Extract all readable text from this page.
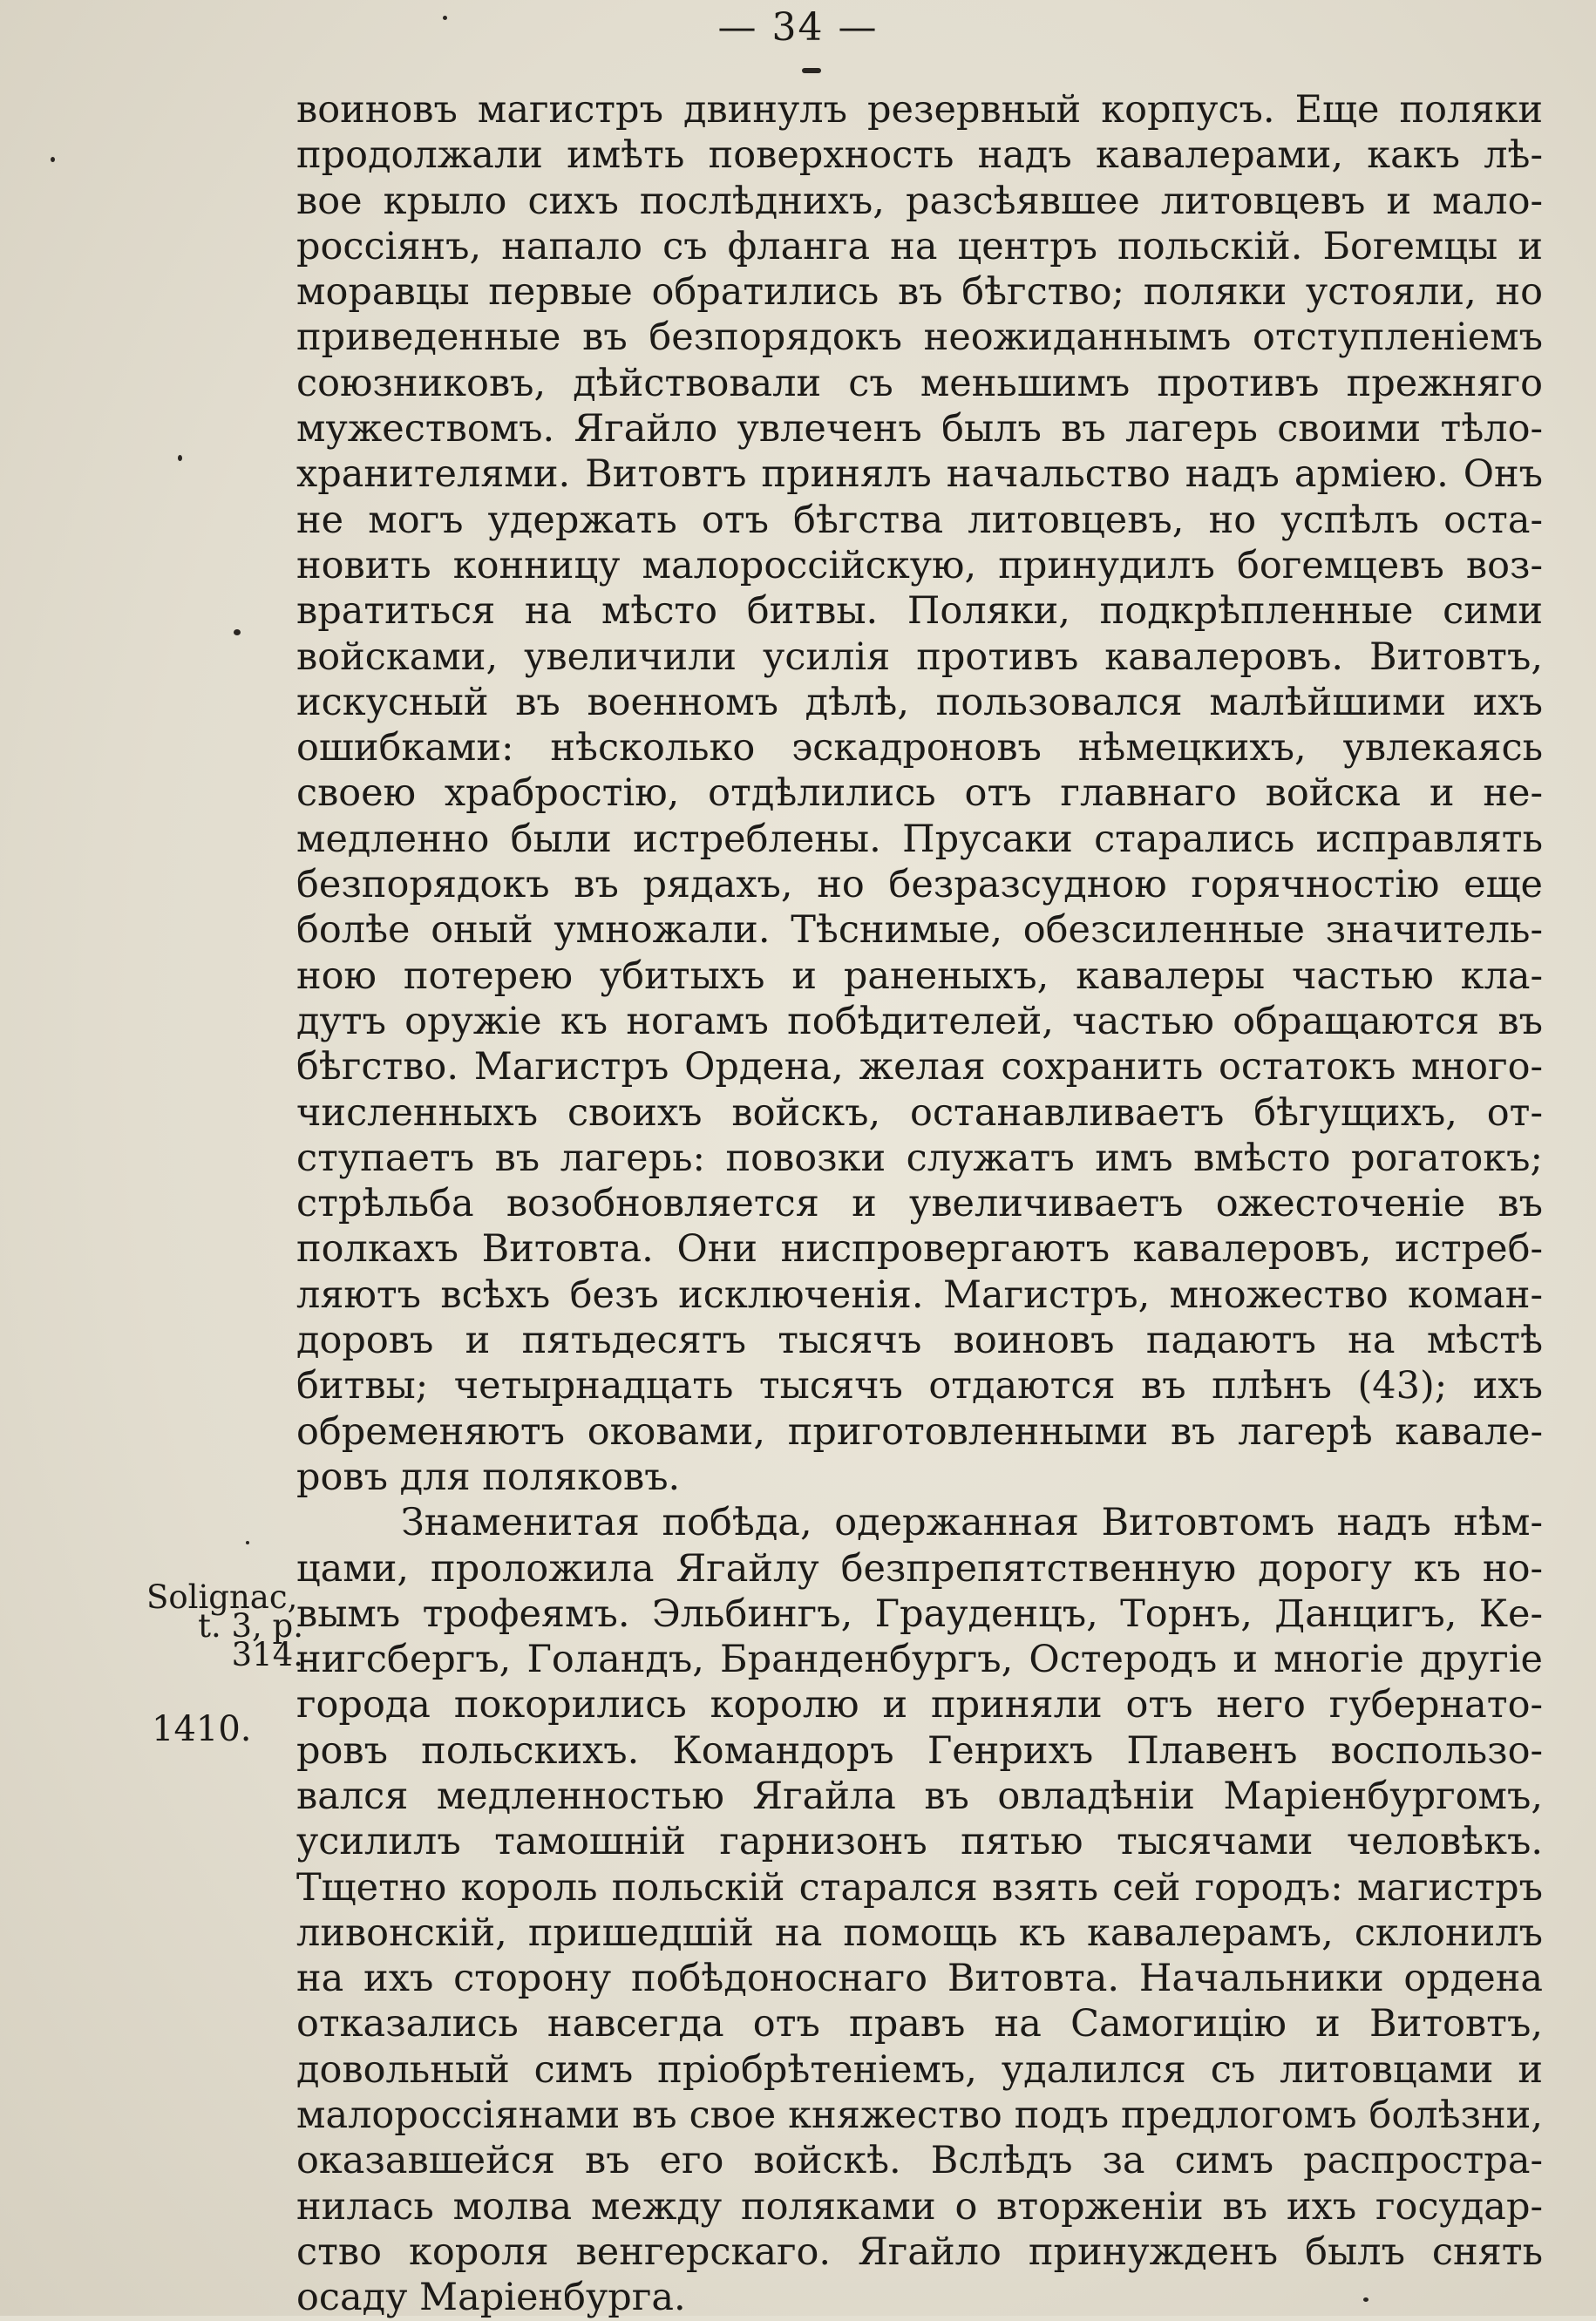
— 34 —
воиновъ магистръ двинулъ резервный корпусъ. Еще поляки
продолжали имѣть поверхность надъ кавалерами, какъ лѣ-
вое крыло сихъ послѣднихъ, разсѣявшее литовцевъ и мало-
россіянъ, напало съ фланга на центръ польскій. Богемцы и
моравцы первые обратились въ бѣгство; поляки устояли, но
приведенные въ безпорядокъ неожиданнымъ отступленіемъ
союзниковъ, дѣйствовали съ меньшимъ противъ прежняго
мужествомъ. Ягайло увлеченъ былъ въ лагерь своими тѣло-
хранителями. Витовтъ принялъ начальство надъ арміею. Онъ
не могъ удержать отъ бѣгства литовцевъ, но успѣлъ оста-
новить конницу малороссійскую, принудилъ богемцевъ воз-
вратиться на мѣсто битвы. Поляки, подкрѣпленные сими
войсками, увеличили усилія противъ кавалеровъ. Витовтъ,
искусный въ военномъ дѣлѣ, пользовался малѣйшими ихъ
ошибками: нѣсколько эскадроновъ нѣмецкихъ, увлекаясь
своею храбростію, отдѣлились отъ главнаго войска и не-
медленно были истреблены. Прусаки старались исправлять
безпорядокъ въ рядахъ, но безразсудною горячностію еще
болѣе оный умножали. Тѣснимые, обезсиленные значитель-
ною потерею убитыхъ и раненыхъ, кавалеры частью кла-
дутъ оружіе къ ногамъ побѣдителей, частью обращаются въ
бѣгство. Магистръ Ордена, желая сохранить остатокъ много-
численныхъ своихъ войскъ, останавливаетъ бѣгущихъ, от-
ступаетъ въ лагерь: повозки служатъ имъ вмѣсто рогатокъ;
стрѣльба возобновляется и увеличиваетъ ожесточеніе въ
полкахъ Витовта. Они ниспровергаютъ кавалеровъ, истреб-
ляютъ всѣхъ безъ исключенія. Магистръ, множество коман-
доровъ и пятьдесятъ тысячъ воиновъ падаютъ на мѣстѣ
битвы; четырнадцать тысячъ отдаются въ плѣнъ (43); ихъ
обременяютъ оковами, приготовленными въ лагерѣ кавале-
ровъ для поляковъ.
Знаменитая побѣда, одержанная Витовтомъ надъ нѣм-
цами, проложила Ягайлу безпрепятственную дорогу къ но-
вымъ трофеямъ. Эльбингъ, Грауденцъ, Торнъ, Данцигъ, Ке-
нигсбергъ, Голандъ, Бранденбургъ, Остеродъ и многіе другіе
города покорились королю и приняли отъ него губернато-
ровъ польскихъ. Командоръ Генрихъ Плавенъ воспользо-
вался медленностью Ягайла въ овладѣніи Маріенбургомъ,
усилилъ тамошній гарнизонъ пятью тысячами человѣкъ.
Тщетно король польскій старался взять сей городъ: магистръ
ливонскій, пришедшій на помощь къ кавалерамъ, склонилъ
на ихъ сторону побѣдоноснаго Витовта. Начальники ордена
отказались навсегда отъ правъ на Самогицію и Витовтъ,
довольный симъ пріобрѣтеніемъ, удалился съ литовцами и
малороссіянами въ свое княжество подъ предлогомъ болѣзни,
оказавшейся въ его войскѣ. Вслѣдъ за симъ распростра-
нилась молва между поляками о вторженіи въ ихъ государ-
ство короля венгерскаго. Ягайло принужденъ былъ снять
осаду Маріенбурга.
Solignac,
t. 3, p.
314.
1410.
